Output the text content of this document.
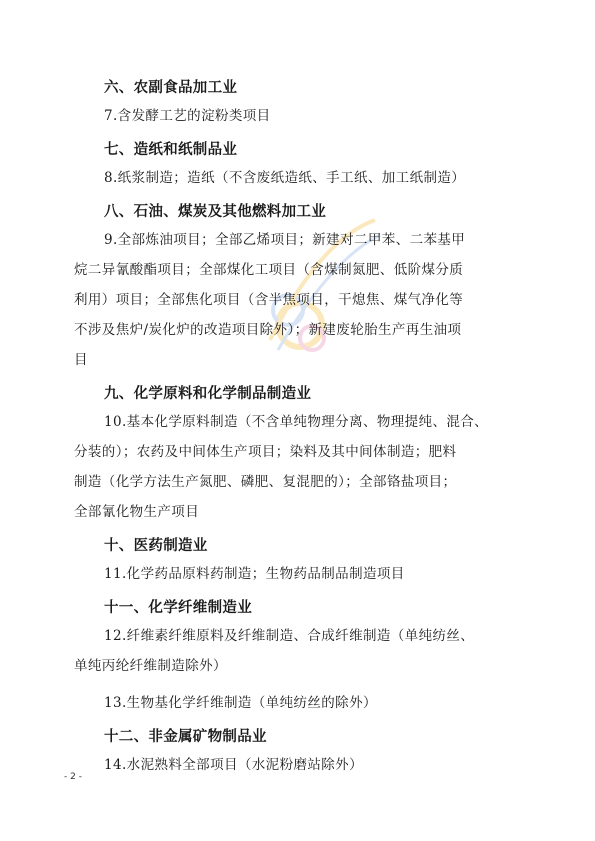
六、农副食品加工业
7.含发酵工艺的淀粉类项目
七、造纸和纸制品业
8.纸浆制造；造纸（不含废纸造纸、手工纸、加工纸制造）
八、石油、煤炭及其他燃料加工业
9.全部炼油项目；全部乙烯项目；新建对二甲苯、二苯基甲
烷二异氰酸酯项目；全部煤化工项目（含煤制氮肥、低阶煤分质
利用）项目；全部焦化项目（含半焦项目，干熄焦、煤气净化等
不涉及焦炉/炭化炉的改造项目除外）；新建废轮胎生产再生油项
目
九、化学原料和化学制品制造业
10.基本化学原料制造（不含单纯物理分离、物理提纯、混合、
分装的）；农药及中间体生产项目；染料及其中间体制造；肥料
制造（化学方法生产氮肥、磷肥、复混肥的）；全部铬盐项目；
全部氰化物生产项目
十、医药制造业
11.化学药品原料药制造；生物药品制品制造项目
十一、化学纤维制造业
12.纤维素纤维原料及纤维制造、合成纤维制造（单纯纺丝、
单纯丙纶纤维制造除外）
13.生物基化学纤维制造（单纯纺丝的除外）
十二、非金属矿物制品业
14.水泥熟料全部项目（水泥粉磨站除外）
- 2 -
